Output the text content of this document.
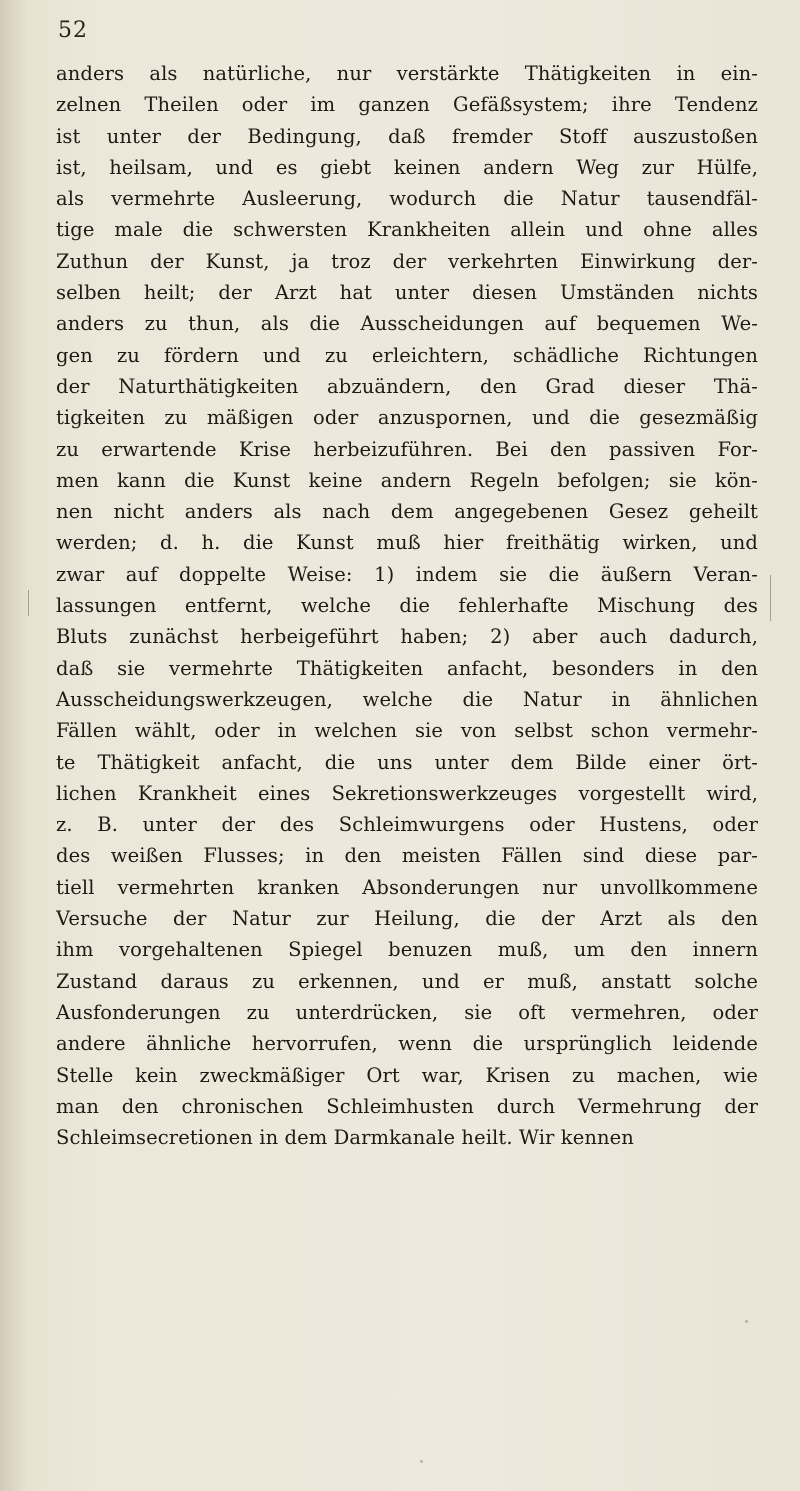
52
anders als natürliche, nur verstärkte Thätigkeiten in ein-
zelnen Theilen oder im ganzen Gefäßsystem; ihre Tendenz
ist unter der Bedingung, daß fremder Stoff auszustoßen
ist, heilsam, und es giebt keinen andern Weg zur Hülfe,
als vermehrte Ausleerung, wodurch die Natur tausendfäl-
tige male die schwersten Krankheiten allein und ohne alles
Zuthun der Kunst, ja troz der verkehrten Einwirkung der-
selben heilt; der Arzt hat unter diesen Umständen nichts
anders zu thun, als die Ausscheidungen auf bequemen We-
gen zu fördern und zu erleichtern, schädliche Richtungen
der Naturthätigkeiten abzuändern, den Grad dieser Thä-
tigkeiten zu mäßigen oder anzuspornen, und die gesezmäßig
zu erwartende Krise herbeizuführen. Bei den passiven For-
men kann die Kunst keine andern Regeln befolgen; sie kön-
nen nicht anders als nach dem angegebenen Gesez geheilt
werden; d. h. die Kunst muß hier freithätig wirken, und
zwar auf doppelte Weise: 1) indem sie die äußern Veran-
lassungen entfernt, welche die fehlerhafte Mischung des
Bluts zunächst herbeigeführt haben; 2) aber auch dadurch,
daß sie vermehrte Thätigkeiten anfacht, besonders in den
Ausscheidungswerkzeugen, welche die Natur in ähnlichen
Fällen wählt, oder in welchen sie von selbst schon vermehr-
te Thätigkeit anfacht, die uns unter dem Bilde einer ört-
lichen Krankheit eines Sekretionswerkzeuges vorgestellt wird,
z. B. unter der des Schleimwurgens oder Hustens, oder
des weißen Flusses; in den meisten Fällen sind diese par-
tiell vermehrten kranken Absonderungen nur unvollkommene
Versuche der Natur zur Heilung, die der Arzt als den
ihm vorgehaltenen Spiegel benuzen muß, um den innern
Zustand daraus zu erkennen, und er muß, anstatt solche
Ausfonderungen zu unterdrücken, sie oft vermehren, oder
andere ähnliche hervorrufen, wenn die ursprünglich leidende
Stelle kein zweckmäßiger Ort war, Krisen zu machen, wie
man den chronischen Schleimhusten durch Vermehrung der
Schleimsecretionen in dem Darmkanale heilt. Wir kennen
